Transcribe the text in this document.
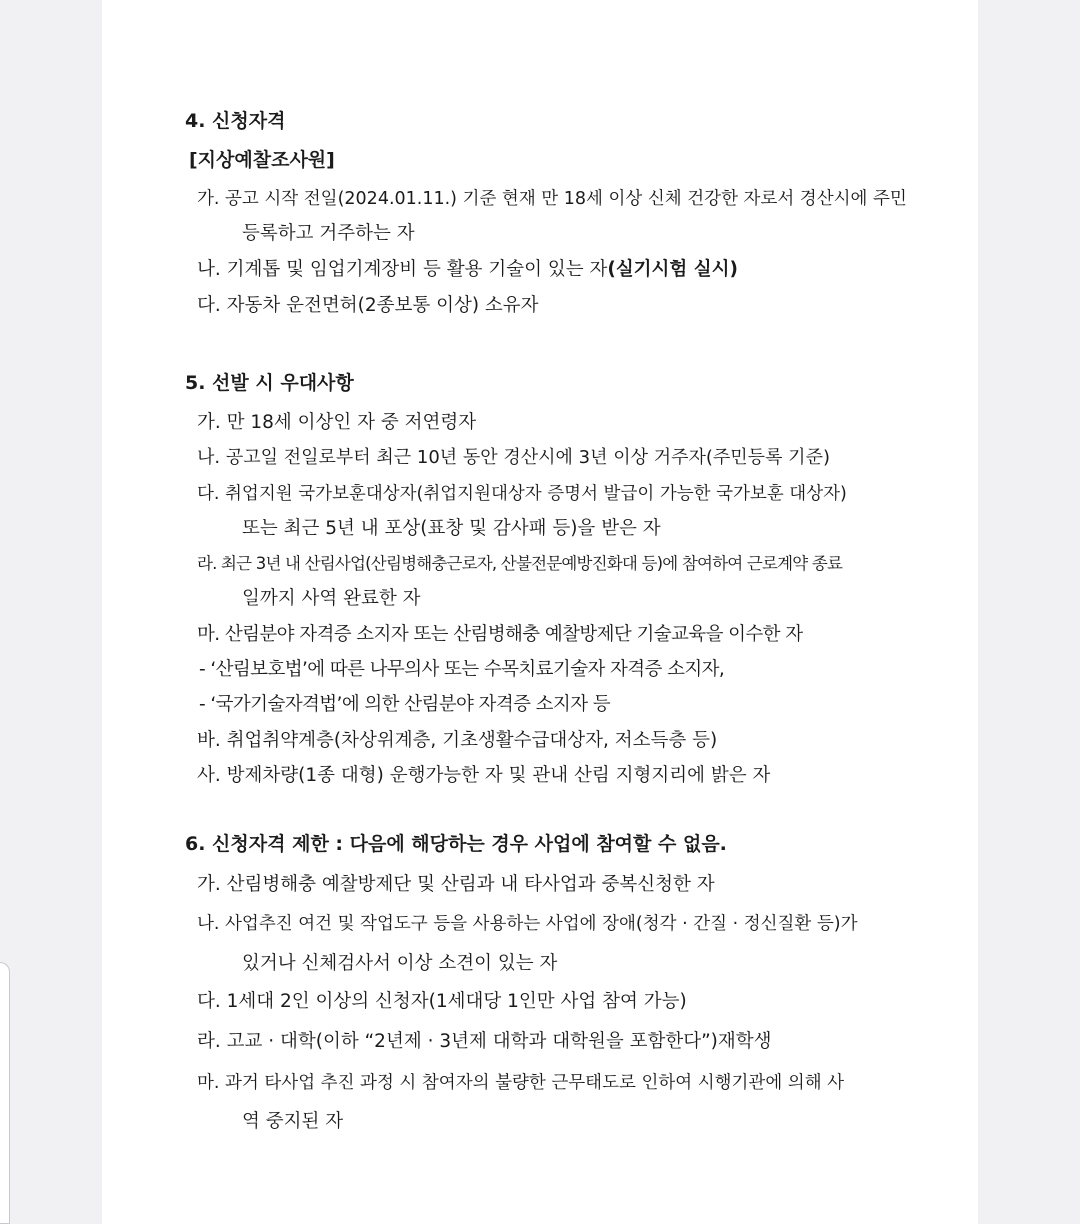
4. 신청자격
[지상예찰조사원]
가. 공고 시작 전일(2024.01.11.) 기준 현재 만 18세 이상 신체 건강한 자로서 경산시에 주민
등록하고 거주하는 자
나. 기계톱 및 임업기계장비 등 활용 기술이 있는 자(실기시험 실시)
다. 자동차 운전면허(2종보통 이상) 소유자
5. 선발 시 우대사항
가. 만 18세 이상인 자 중 저연령자
나. 공고일 전일로부터 최근 10년 동안 경산시에 3년 이상 거주자(주민등록 기준)
다. 취업지원 국가보훈대상자(취업지원대상자 증명서 발급이 가능한 국가보훈 대상자)
또는 최근 5년 내 포상(표창 및 감사패 등)을 받은 자
라. 최근 3년 내 산림사업(산림병해충근로자, 산불전문예방진화대 등)에 참여하여 근로계약 종료
일까지 사역 완료한 자
마. 산림분야 자격증 소지자 또는 산림병해충 예찰방제단 기술교육을 이수한 자
- ‘산림보호법’에 따른 나무의사 또는 수목치료기술자 자격증 소지자,
- ‘국가기술자격법’에 의한 산림분야 자격증 소지자 등
바. 취업취약계층(차상위계층, 기초생활수급대상자, 저소득층 등)
사. 방제차량(1종 대형) 운행가능한 자 및 관내 산림 지형지리에 밝은 자
6. 신청자격 제한 : 다음에 해당하는 경우 사업에 참여할 수 없음.
가. 산림병해충 예찰방제단 및 산림과 내 타사업과 중복신청한 자
나. 사업추진 여건 및 작업도구 등을 사용하는 사업에 장애(청각 · 간질 · 정신질환 등)가
있거나 신체검사서 이상 소견이 있는 자
다. 1세대 2인 이상의 신청자(1세대당 1인만 사업 참여 가능)
라. 고교 · 대학(이하 “2년제 · 3년제 대학과 대학원을 포함한다”)재학생
마. 과거 타사업 추진 과정 시 참여자의 불량한 근무태도로 인하여 시행기관에 의해 사
역 중지된 자
